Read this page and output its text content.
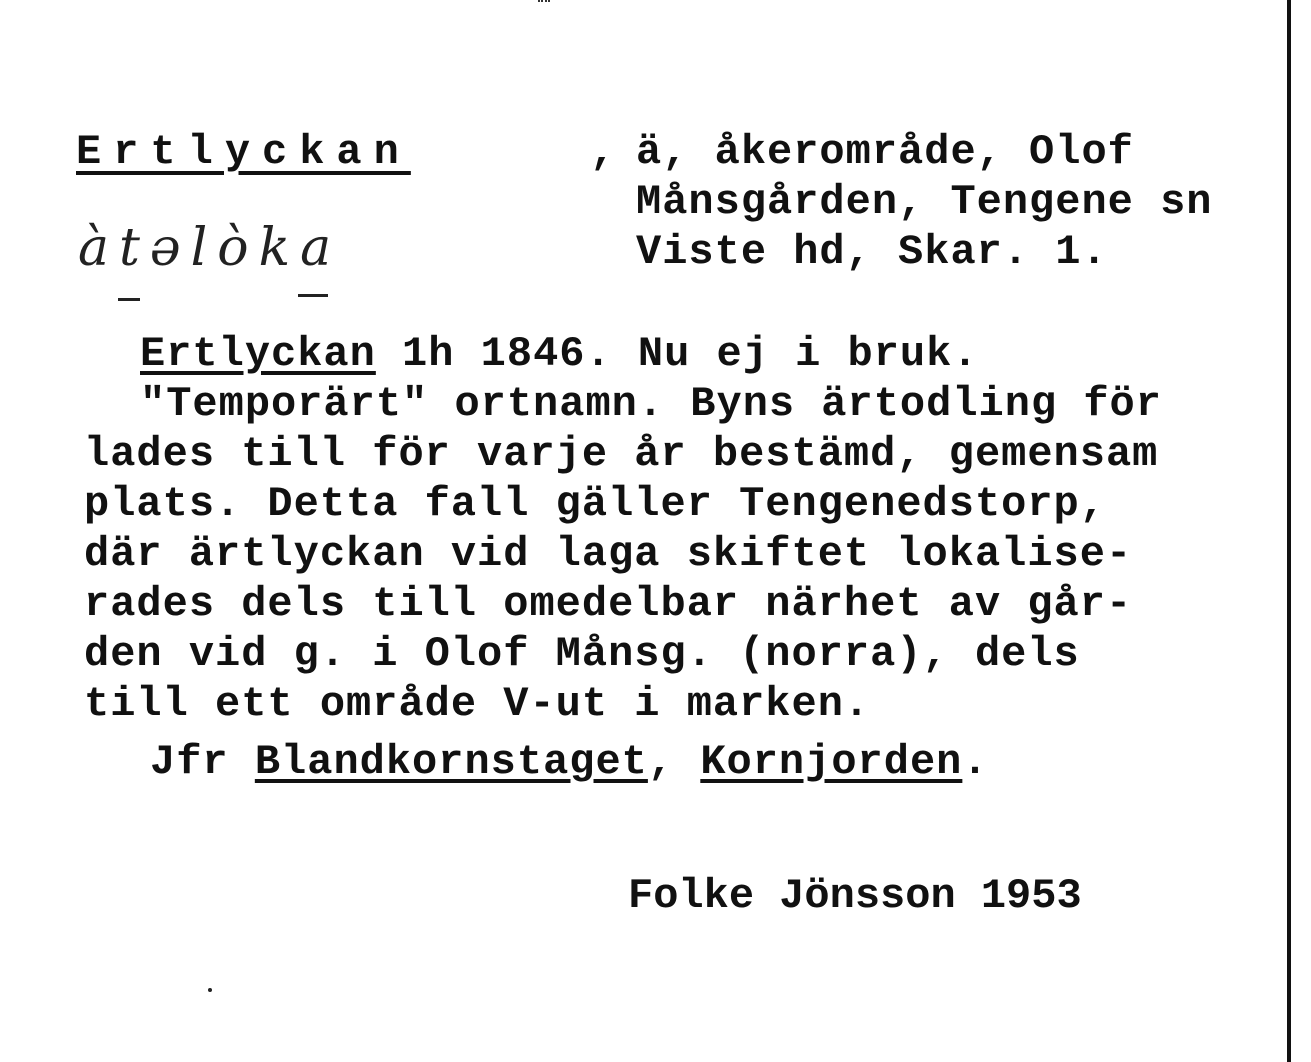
Ertlyckan	, ä, åkerområde, Olof
Månsgården, Tengene sn
Viste hd, Skar. 1.
àtəlòka
Ertlyckan 1h 1846. Nu ej i bruk.
"Temporärt" ortnamn. Byns ärtodling för
lades till för varje år bestämd, gemensam
plats. Detta fall gäller Tengenedstorp,
där ärtlyckan vid laga skiftet lokalise-
rades dels till omedelbar närhet av går-
den vid g. i Olof Månsg. (norra), dels
till ett område V-ut i marken.
Jfr Blandkornstaget, Kornjorden.
Folke Jönsson 1953
